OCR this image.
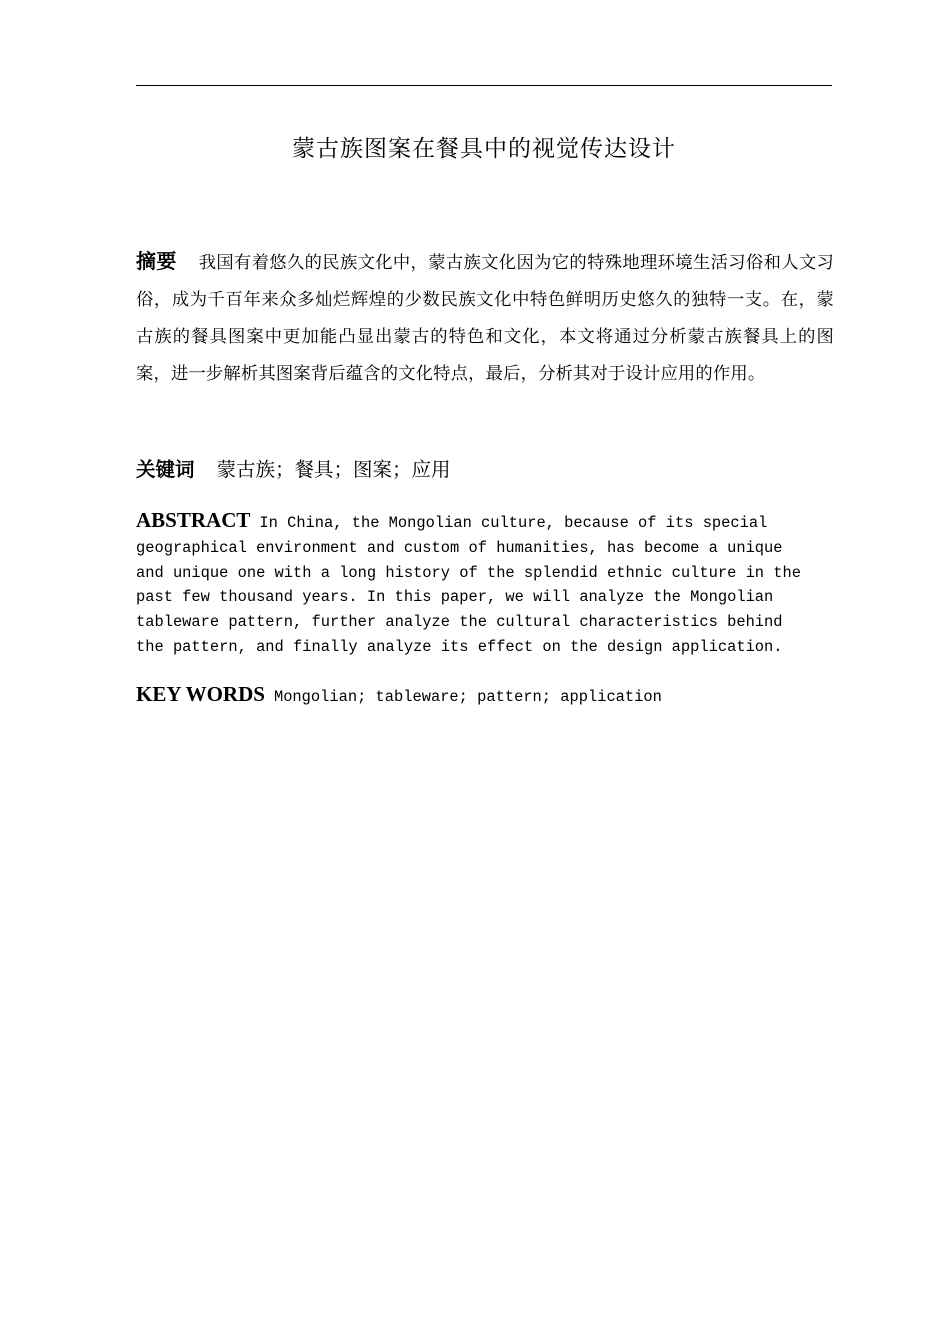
蒙古族图案在餐具中的视觉传达设计
摘要 我国有着悠久的民族文化中，蒙古族文化因为它的特殊地理环境生活习俗和人文习俗，成为千百年来众多灿烂辉煌的少数民族文化中特色鲜明历史悠久的独特一支。在，蒙古族的餐具图案中更加能凸显出蒙古的特色和文化，本文将通过分析蒙古族餐具上的图案，进一步解析其图案背后蕴含的文化特点，最后，分析其对于设计应用的作用。
关键词 蒙古族；餐具；图案；应用
ABSTRACT In China, the Mongolian culture, because of its special
geographical environment and custom of humanities, has become a unique
and unique one with a long history of the splendid ethnic culture in the
past few thousand years. In this paper, we will analyze the Mongolian
tableware pattern, further analyze the cultural characteristics behind
the pattern, and finally analyze its effect on the design application.
KEY WORDS Mongolian; tableware; pattern; application
